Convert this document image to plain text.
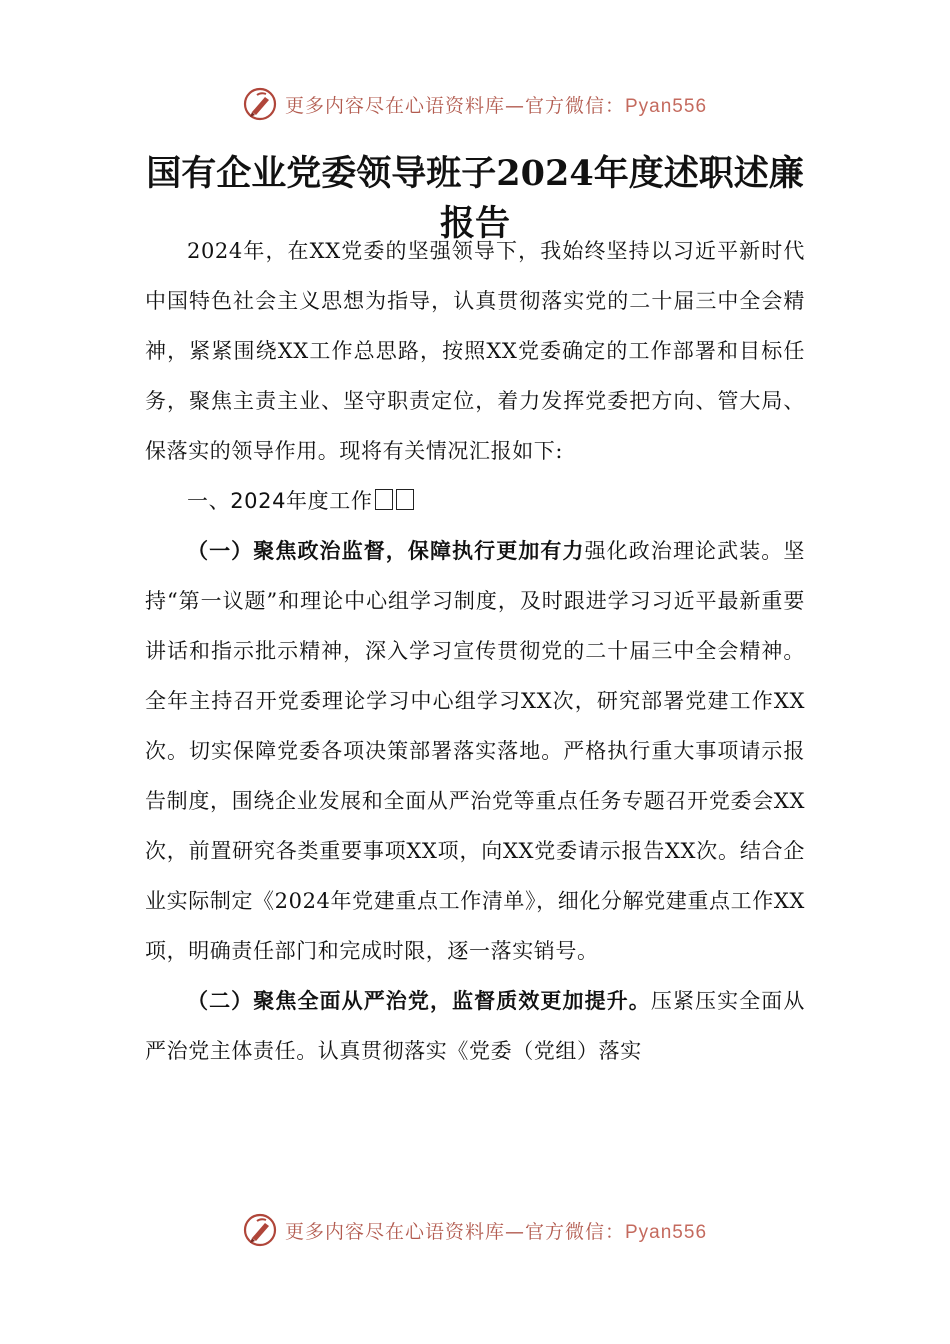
更多内容尽在心语资料库—官方微信：Pyan556
国有企业党委领导班子2024年度述职述廉
报告

2024年，在XX党委的坚强领导下，我始终坚持以习近平新时代中国特色社会主义思想为指导，认真贯彻落实党的二十届三中全会精神，紧紧围绕XX工作总思路，按照XX党委确定的工作部署和目标任务，聚焦主责主业、坚守职责定位，着力发挥党委把方向、管大局、保落实的领导作用。现将有关情况汇报如下:

一、2024年度工作

（一）聚焦政治监督，保障执行更加有力强化政治理论武装。坚持“第一议题”和理论中心组学习制度，及时跟进学习习近平最新重要讲话和指示批示精神，深入学习宣传贯彻党的二十届三中全会精神。全年主持召开党委理论学习中心组学习XX次，研究部署党建工作XX次。切实保障党委各项决策部署落实落地。严格执行重大事项请示报告制度，围绕企业发展和全面从严治党等重点任务专题召开党委会XX次，前置研究各类重要事项XX项，向XX党委请示报告XX次。结合企业实际制定《2024年党建重点工作清单》，细化分解党建重点工作XX项，明确责任部门和完成时限，逐一落实销号。

（二）聚焦全面从严治党，监督质效更加提升。压紧压实全面从严治党主体责任。认真贯彻落实《党委（党组）落实

更多内容尽在心语资料库—官方微信：Pyan556
